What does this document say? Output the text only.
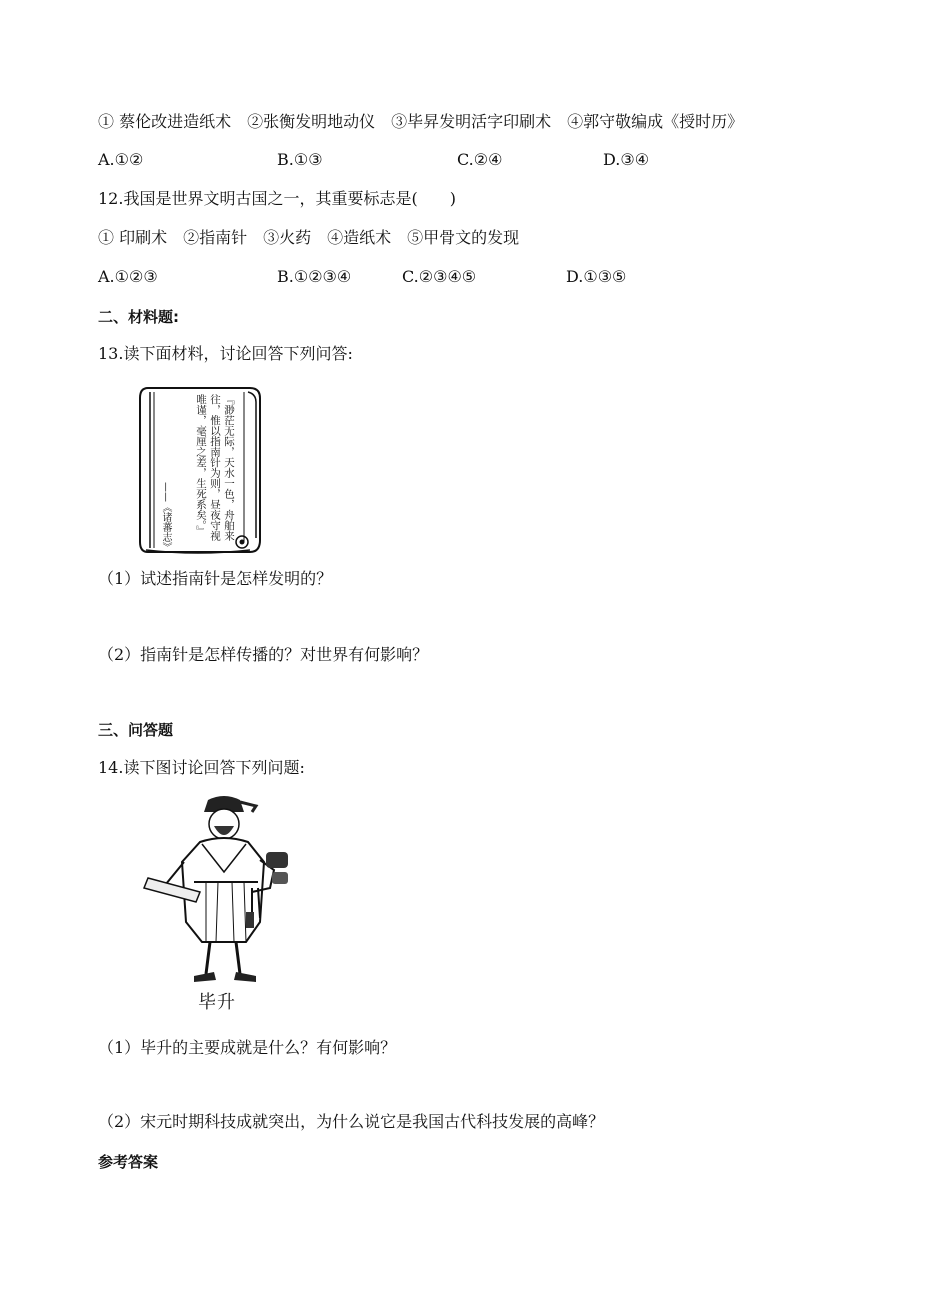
① 蔡伦改进造纸术　②张衡发明地动仪　③毕昇发明活字印刷术　④郭守敬编成《授时历》
A.①②	B.①③	C.②④	D.③④
12.我国是世界文明古国之一，其重要标志是(　　)
① 印刷术　②指南针　③火药　④造纸术　⑤甲骨文的发现
A.①②③	B.①②③④	C.②③④⑤	D.①③⑤
二、材料题:
13.读下面材料，讨论回答下列问答:
『渺茫无际，天水一色，舟舶来往，惟以指南针为则，昼夜守视唯谨，毫厘之差，生死系矣。』
——《诸蕃志》
（1）试述指南针是怎样发明的？
（2）指南针是怎样传播的？对世界有何影响？
三、问答题
14.读下图讨论回答下列问题:
毕升
（1）毕升的主要成就是什么？有何影响？
（2）宋元时期科技成就突出，为什么说它是我国古代科技发展的高峰？
参考答案
